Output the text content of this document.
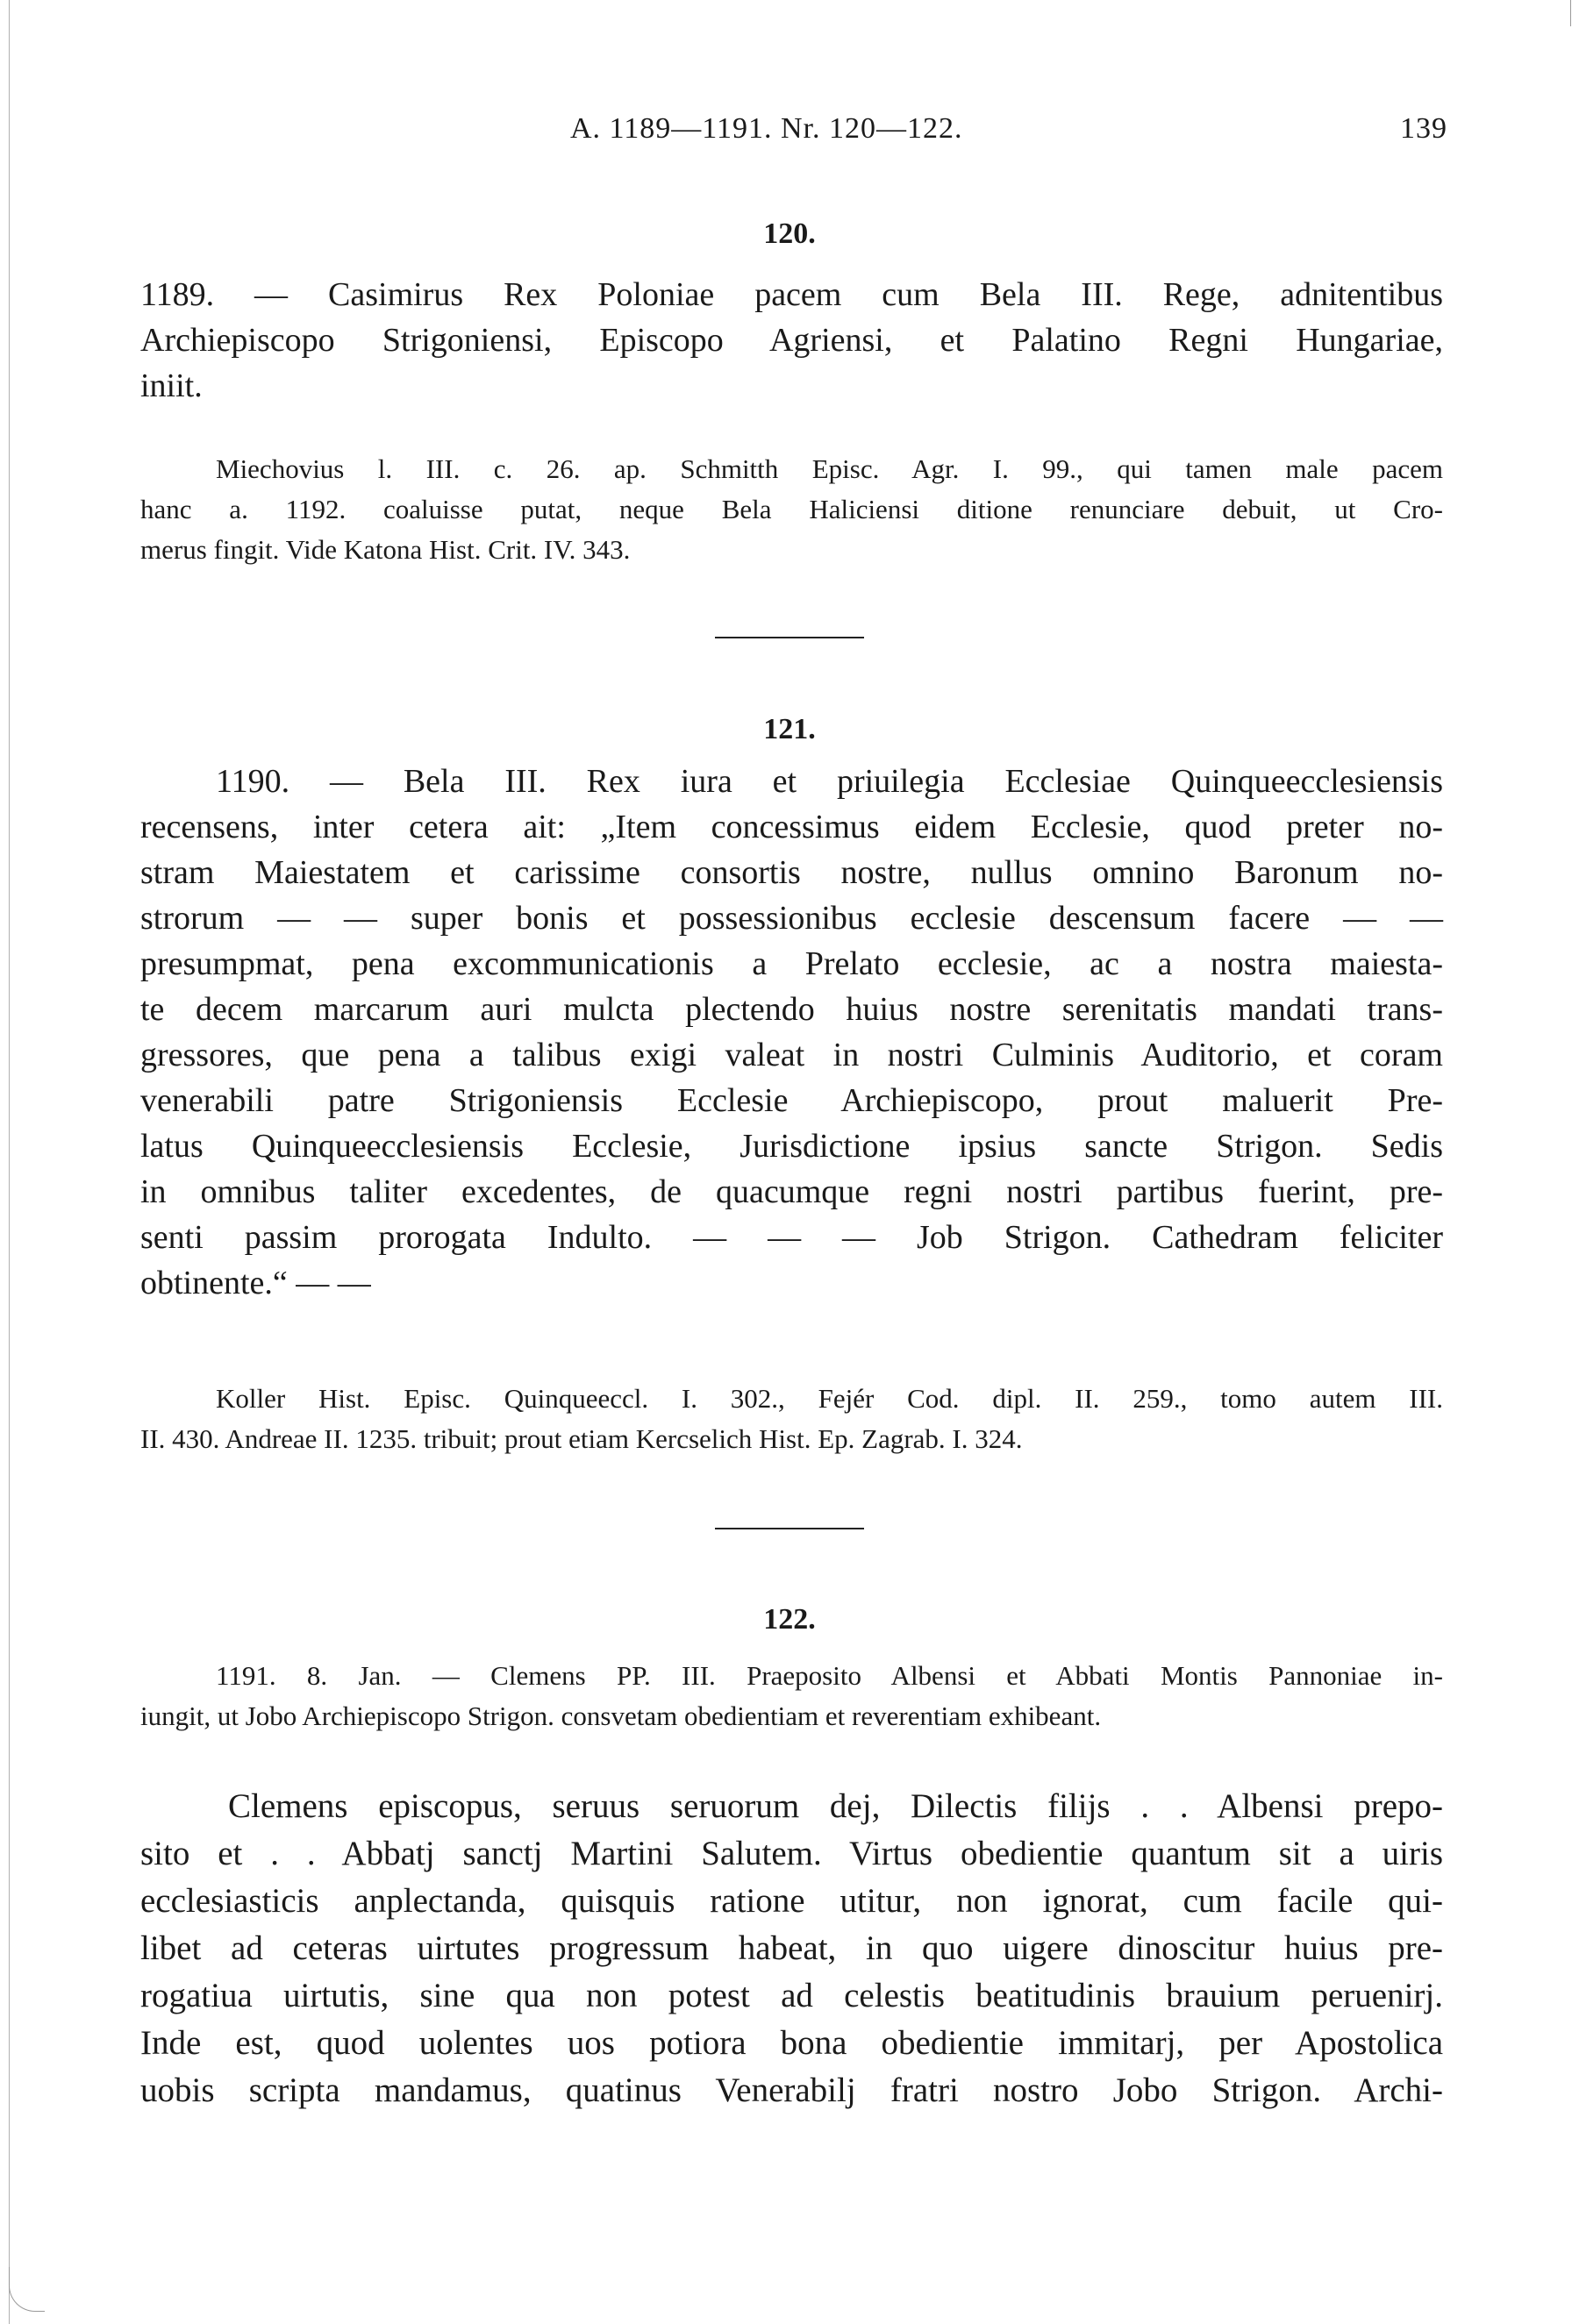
A. 1189—1191. Nr. 120—122.	139
120.
1189. — Casimirus Rex Poloniae pacem cum Bela III. Rege, adnitentibus
Archiepiscopo Strigoniensi, Episcopo Agriensi, et Palatino Regni Hungariae,
iniit.
Miechovius l. III. c. 26. ap. Schmitth Episc. Agr. I. 99., qui tamen male pacem
hanc a. 1192. coaluisse putat, neque Bela Haliciensi ditione renunciare debuit, ut Cro-
merus fingit. Vide Katona Hist. Crit. IV. 343.
121.
1190. — Bela III. Rex iura et priuilegia Ecclesiae Quinqueecclesiensis
recensens, inter cetera ait: „Item concessimus eidem Ecclesie, quod preter no-
stram Maiestatem et carissime consortis nostre, nullus omnino Baronum no-
strorum — — super bonis et possessionibus ecclesie descensum facere — —
presumpmat, pena excommunicationis a Prelato ecclesie, ac a nostra maiesta-
te decem marcarum auri mulcta plectendo huius nostre serenitatis mandati trans-
gressores, que pena a talibus exigi valeat in nostri Culminis Auditorio, et coram
venerabili patre Strigoniensis Ecclesie Archiepiscopo, prout maluerit Pre-
latus Quinqueecclesiensis Ecclesie, Jurisdictione ipsius sancte Strigon. Sedis
in omnibus taliter excedentes, de quacumque regni nostri partibus fuerint, pre-
senti passim prorogata Indulto. — — — Job Strigon. Cathedram feliciter
obtinente.“ — —
Koller Hist. Episc. Quinqueeccl. I. 302., Fejér Cod. dipl. II. 259., tomo autem III.
II. 430. Andreae II. 1235. tribuit; prout etiam Kercselich Hist. Ep. Zagrab. I. 324.
122.
1191. 8. Jan. — Clemens PP. III. Praeposito Albensi et Abbati Montis Pannoniae in-
iungit, ut Jobo Archiepiscopo Strigon. consvetam obedientiam et reverentiam exhibeant.
Clemens episcopus, seruus seruorum dej, Dilectis filijs . . Albensi prepo-
sito et . . Abbatj sanctj Martini Salutem. Virtus obedientie quantum sit a uiris
ecclesiasticis anplectanda, quisquis ratione utitur, non ignorat, cum facile qui-
libet ad ceteras uirtutes progressum habeat, in quo uigere dinoscitur huius pre-
rogatiua uirtutis, sine qua non potest ad celestis beatitudinis brauium peruenirj.
Inde est, quod uolentes uos potiora bona obedientie immitarj, per Apostolica
uobis scripta mandamus, quatinus Venerabilj fratri nostro Jobo Strigon. Archi-
